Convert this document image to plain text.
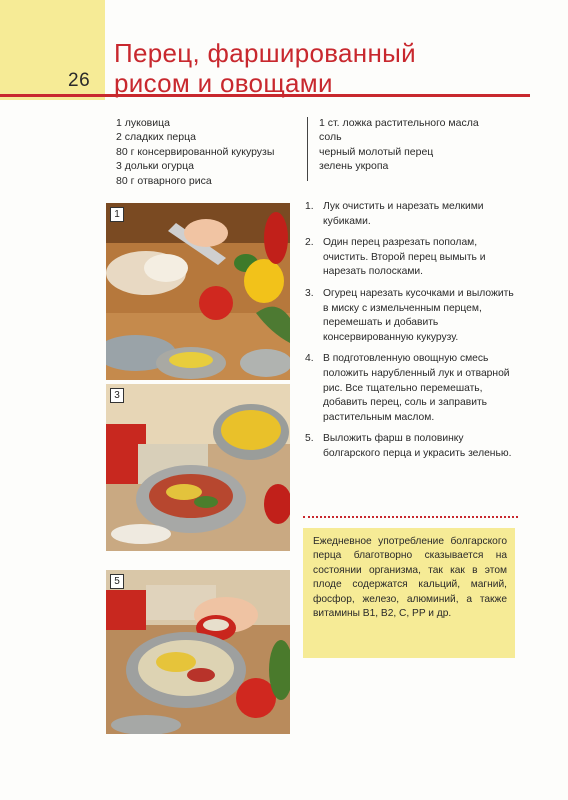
26
Перец, фаршированный
рисом и овощами
1 луковица
2 сладких перца
80 г консервированной кукурузы
3 дольки огурца
80 г отварного риса
1 ст. ложка растительного масла
соль
черный молотый перец
зелень укропа
1
3
5
1. Лук очистить и нарезать мелкими кубиками.
2. Один перец разрезать пополам, очистить. Второй перец вымыть и нарезать полосками.
3. Огурец нарезать кусочками и выложить в миску с измельченным перцем, перемешать и добавить консервированную кукурузу.
4. В подготовленную овощную смесь положить нарубленный лук и отварной рис. Все тщательно перемешать, добавить перец, соль и заправить растительным маслом.
5. Выложить фарш в половинку болгарского перца и украсить зеленью.
Ежедневное употребление болгарского перца благотворно сказывается на состоянии организма, так как в этом плоде содержатся кальций, магний, фосфор, железо, алюминий, а также витамины B1, B2, C, PP и др.
